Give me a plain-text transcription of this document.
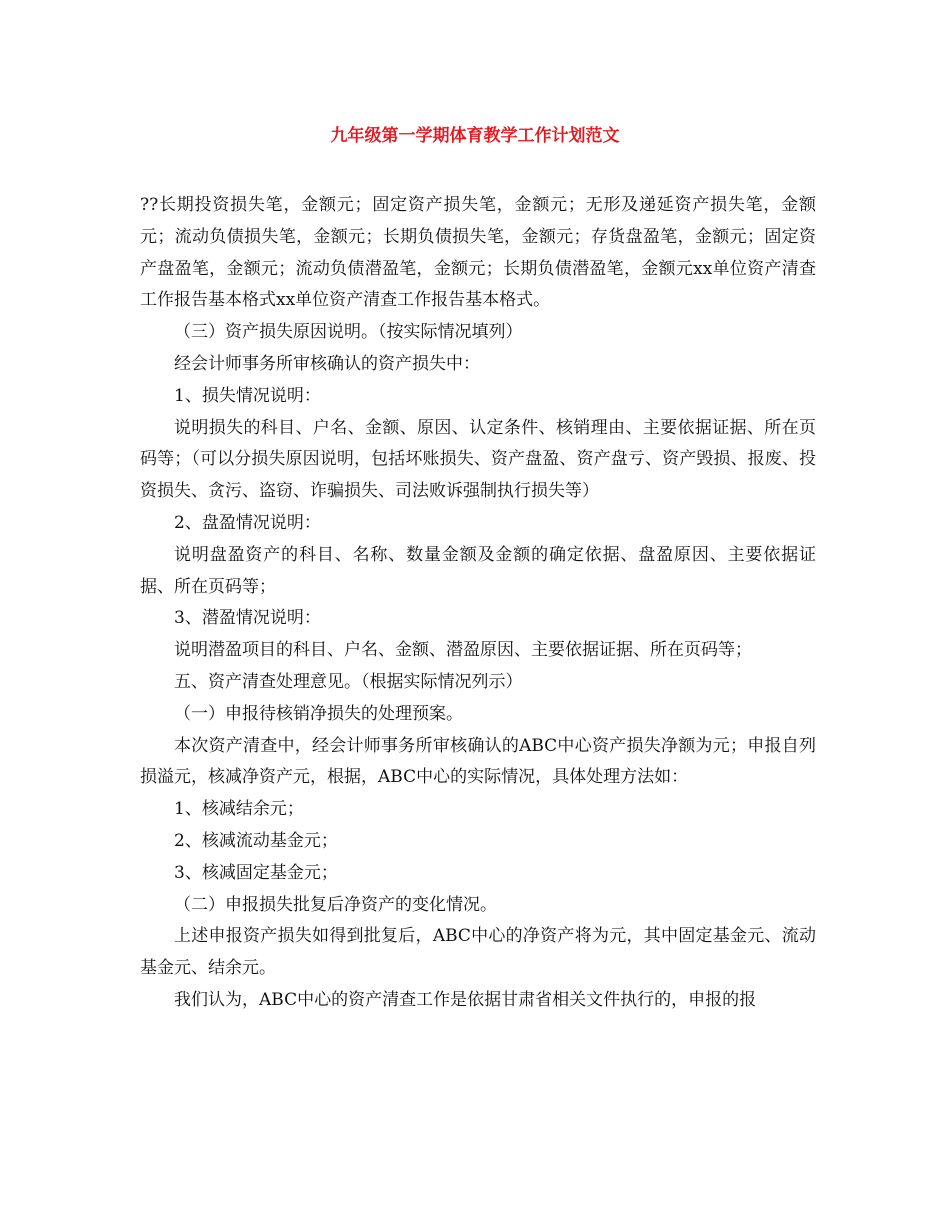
九年级第一学期体育教学工作计划范文

??长期投资损失笔，金额元；固定资产损失笔，金额元；无形及递延资产损失笔，金额元；流动负债损失笔，金额元；长期负债损失笔，金额元；存货盘盈笔，金额元；固定资产盘盈笔，金额元；流动负债潜盈笔，金额元；长期负债潜盈笔，金额元xx单位资产清查工作报告基本格式xx单位资产清查工作报告基本格式。

（三）资产损失原因说明。（按实际情况填列）

经会计师事务所审核确认的资产损失中：

1、损失情况说明：

说明损失的科目、户名、金额、原因、认定条件、核销理由、主要依据证据、所在页码等；（可以分损失原因说明，包括坏账损失、资产盘盈、资产盘亏、资产毁损、报废、投资损失、贪污、盗窃、诈骗损失、司法败诉强制执行损失等）

2、盘盈情况说明：

说明盘盈资产的科目、名称、数量金额及金额的确定依据、盘盈原因、主要依据证据、所在页码等；

3、潜盈情况说明：

说明潜盈项目的科目、户名、金额、潜盈原因、主要依据证据、所在页码等；

五、资产清查处理意见。（根据实际情况列示）

（一）申报待核销净损失的处理预案。

本次资产清查中，经会计师事务所审核确认的ABC中心资产损失净额为元；申报自列损溢元，核减净资产元，根据，ABC中心的实际情况，具体处理方法如：

1、核减结余元；

2、核减流动基金元；

3、核减固定基金元；

（二）申报损失批复后净资产的变化情况。

上述申报资产损失如得到批复后，ABC中心的净资产将为元，其中固定基金元、流动基金元、结余元。

我们认为，ABC中心的资产清查工作是依据甘肃省相关文件执行的，申报的报
